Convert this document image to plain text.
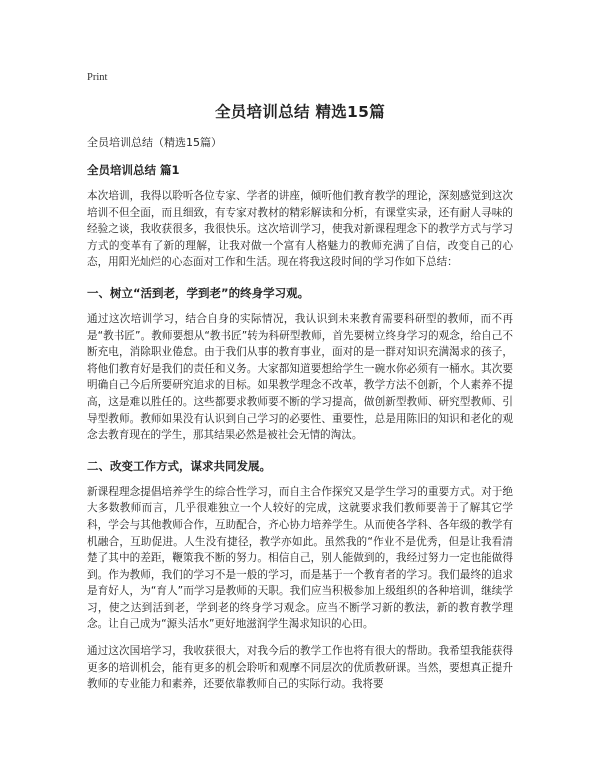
Print
全员培训总结 精选15篇
全员培训总结（精选15篇）
全员培训总结 篇1
本次培训，我得以聆听各位专家、学者的讲座，倾听他们教育教学的理论，深刻感觉到这次培训不但全面，而且细致，有专家对教材的精彩解读和分析，有课堂实录，还有耐人寻味的经验之谈，我收获很多，我很快乐。这次培训学习，使我对新课程理念下的教学方式与学习方式的变革有了新的理解，让我对做一个富有人格魅力的教师充满了自信，改变自己的心态，用阳光灿烂的心态面对工作和生活。现在将我这段时间的学习作如下总结：
一、树立“活到老，学到老”的终身学习观。
通过这次培训学习，结合自身的实际情况，我认识到未来教育需要科研型的教师，而不再是“教书匠”。教师要想从“教书匠”转为科研型教师，首先要树立终身学习的观念，给自己不断充电，消除职业倦怠。由于我们从事的教育事业，面对的是一群对知识充满渴求的孩子，将他们教育好是我们的责任和义务。大家都知道要想给学生一碗水你必须有一桶水。其次要明确自己今后所要研究追求的目标。如果教学理念不改革，教学方法不创新，个人素养不提高，这是难以胜任的。这些都要求教师要不断的学习提高，做创新型教师、研究型教师、引导型教师。教师如果没有认识到自己学习的必要性、重要性，总是用陈旧的知识和老化的观念去教育现在的学生，那其结果必然是被社会无情的淘汰。
二、改变工作方式，谋求共同发展。
新课程理念提倡培养学生的综合性学习，而自主合作探究又是学生学习的重要方式。对于绝大多数教师而言，几乎很难独立一个人较好的完成，这就要求我们教师要善于了解其它学科，学会与其他教师合作，互助配合，齐心协力培养学生。从而使各学科、各年级的教学有机融合，互助促进。人生没有捷径，教学亦如此。虽然我的“作业不是优秀，但是让我看清楚了其中的差距，鞭策我不断的努力。相信自己，别人能做到的，我经过努力一定也能做得到。作为教师，我们的学习不是一般的学习，而是基于一个教育者的学习。我们最终的追求是育好人，为“育人”而学习是教师的天职。我们应当积极参加上级组织的各种培训，继续学习，使之达到活到老，学到老的终身学习观念。应当不断学习新的教法，新的教育教学理念。让自己成为“源头活水”更好地滋润学生渴求知识的心田。
通过这次国培学习，我收获很大，对我今后的教学工作也将有很大的帮助。我希望我能获得更多的培训机会，能有更多的机会聆听和观摩不同层次的优质教研课。当然，要想真正提升教师的专业能力和素养，还要依靠教师自己的实际行动。我将要
